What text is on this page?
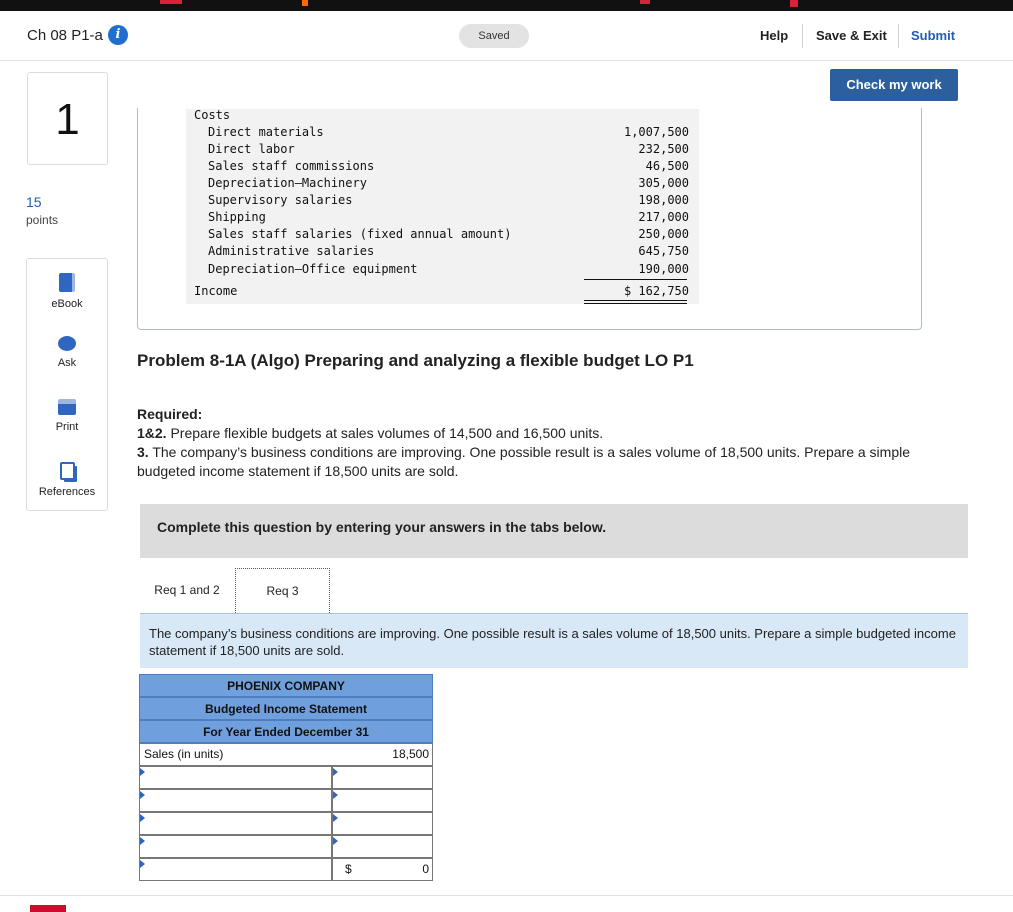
Ch 08 P1-a i	Saved	Help Save & Exit Submit
Check my work
1
15
points
eBook
Ask
Print
References
Costs
Direct materials	1,007,500
Direct labor	232,500
Sales staff commissions	46,500
Depreciation—Machinery	305,000
Supervisory salaries	198,000
Shipping	217,000
Sales staff salaries (fixed annual amount)	250,000
Administrative salaries	645,750
Depreciation—Office equipment	190,000
Income	$ 162,750
Problem 8-1A (Algo) Preparing and analyzing a flexible budget LO P1
Required:
1&2. Prepare flexible budgets at sales volumes of 14,500 and 16,500 units.
3. The company’s business conditions are improving. One possible result is a sales volume of 18,500 units. Prepare a simple budgeted income statement if 18,500 units are sold.
Complete this question by entering your answers in the tabs below.
Req 1 and 2	Req 3
The company’s business conditions are improving. One possible result is a sales volume of 18,500 units. Prepare a simple budgeted income statement if 18,500 units are sold.
PHOENIX COMPANY
Budgeted Income Statement
For Year Ended December 31
Sales (in units)	18,500
$	0
